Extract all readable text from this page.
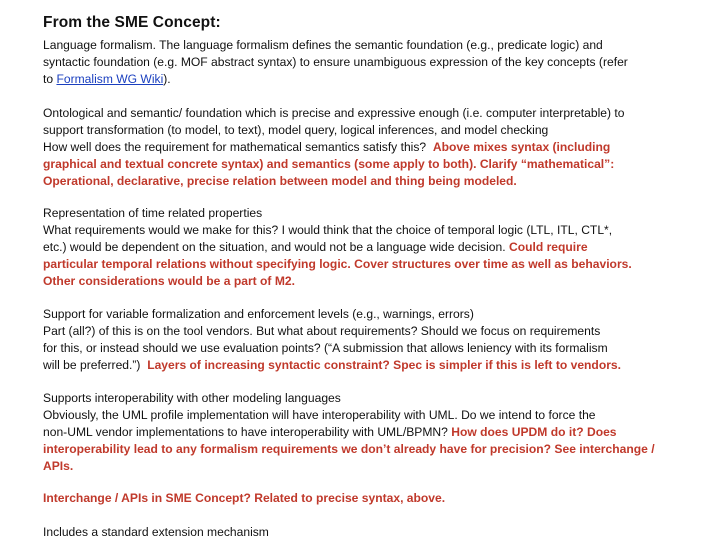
From the SME Concept:
Language formalism. The language formalism defines the semantic foundation (e.g., predicate logic) and
syntactic foundation (e.g. MOF abstract syntax) to ensure unambiguous expression of the key concepts (refer
to Formalism WG Wiki).
Ontological and semantic/ foundation which is precise and expressive enough (i.e. computer interpretable) to
support transformation (to model, to text), model query, logical inferences, and model checking
How well does the requirement for mathematical semantics satisfy this? Above mixes syntax (including
graphical and textual concrete syntax) and semantics (some apply to both). Clarify “mathematical”:
Operational, declarative, precise relation between model and thing being modeled.
Representation of time related properties
What requirements would we make for this? I would think that the choice of temporal logic (LTL, ITL, CTL*,
etc.) would be dependent on the situation, and would not be a language wide decision. Could require
particular temporal relations without specifying logic. Cover structures over time as well as behaviors.
Other considerations would be a part of M2.
Support for variable formalization and enforcement levels (e.g., warnings, errors)
Part (all?) of this is on the tool vendors. But what about requirements? Should we focus on requirements
for this, or instead should we use evaluation points? (“A submission that allows leniency with its formalism
will be preferred.”) Layers of increasing syntactic constraint? Spec is simpler if this is left to vendors.
Supports interoperability with other modeling languages
Obviously, the UML profile implementation will have interoperability with UML. Do we intend to force the
non-UML vendor implementations to have interoperability with UML/BPMN? How does UPDM do it? Does
interoperability lead to any formalism requirements we don’t already have for precision? See interchange /
APIs.
Interchange / APIs in SME Concept? Related to precise syntax, above.
Includes a standard extension mechanism
